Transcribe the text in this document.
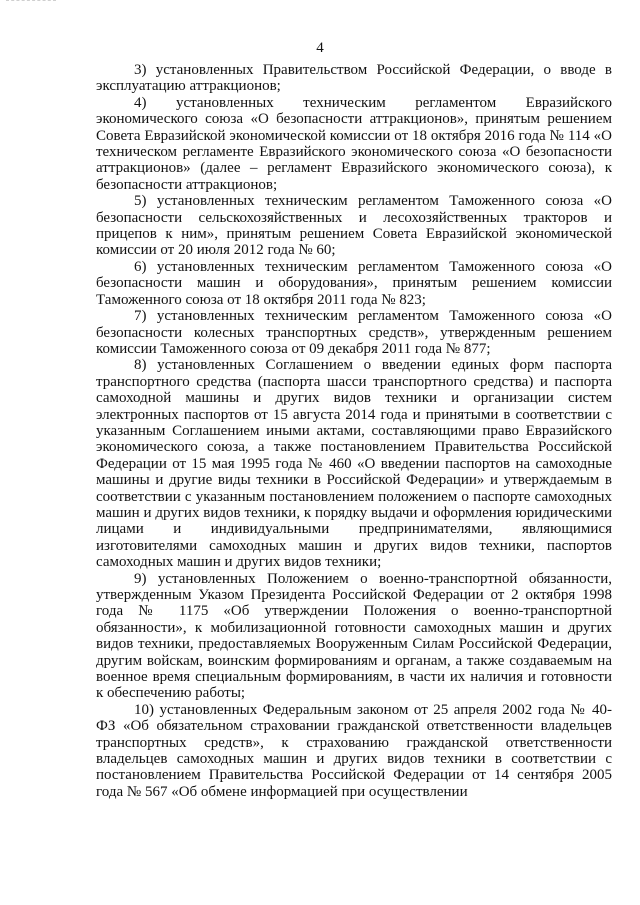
4

3) установленных Правительством Российской Федерации, о вводе в эксплуатацию аттракционов;

4) установленных техническим регламентом Евразийского экономического союза «О безопасности аттракционов», принятым решением Совета Евразийской экономической комиссии от 18 октября 2016 года № 114 «О техническом регламенте Евразийского экономического союза «О безопасности аттракционов» (далее – регламент Евразийского экономического союза), к безопасности аттракционов;

5) установленных техническим регламентом Таможенного союза «О безопасности сельскохозяйственных и лесохозяйственных тракторов и прицепов к ним», принятым решением Совета Евразийской экономической комиссии от 20 июля 2012 года № 60;

6) установленных техническим регламентом Таможенного союза «О безопасности машин и оборудования», принятым решением комиссии Таможенного союза от 18 октября 2011 года № 823;

7) установленных техническим регламентом Таможенного союза «О безопасности колесных транспортных средств», утвержденным решением комиссии Таможенного союза от 09 декабря 2011 года № 877;

8) установленных Соглашением о введении единых форм паспорта транспортного средства (паспорта шасси транспортного средства) и паспорта самоходной машины и других видов техники и организации систем электронных паспортов от 15 августа 2014 года и принятыми в соответствии с указанным Соглашением иными актами, составляющими право Евразийского экономического союза, а также постановлением Правительства Российской Федерации от 15 мая 1995 года № 460 «О введении паспортов на самоходные машины и другие виды техники в Российской Федерации» и утверждаемым в соответствии с указанным постановлением положением о паспорте самоходных машин и других видов техники, к порядку выдачи и оформления юридическими лицами и индивидуальными предпринимателями, являющимися изготовителями самоходных машин и других видов техники, паспортов самоходных машин и других видов техники;

9) установленных Положением о военно-транспортной обязанности, утвержденным Указом Президента Российской Федерации от 2 октября 1998 года № 1175 «Об утверждении Положения о военно-транспортной обязанности», к мобилизационной готовности самоходных машин и других видов техники, предоставляемых Вооруженным Силам Российской Федерации, другим войскам, воинским формированиям и органам, а также создаваемым на военное время специальным формированиям, в части их наличия и готовности к обеспечению работы;

10) установленных Федеральным законом от 25 апреля 2002 года № 40-ФЗ «Об обязательном страховании гражданской ответственности владельцев транспортных средств», к страхованию гражданской ответственности владельцев самоходных машин и других видов техники в соответствии с постановлением Правительства Российской Федерации от 14 сентября 2005 года № 567 «Об обмене информацией при осуществлении
